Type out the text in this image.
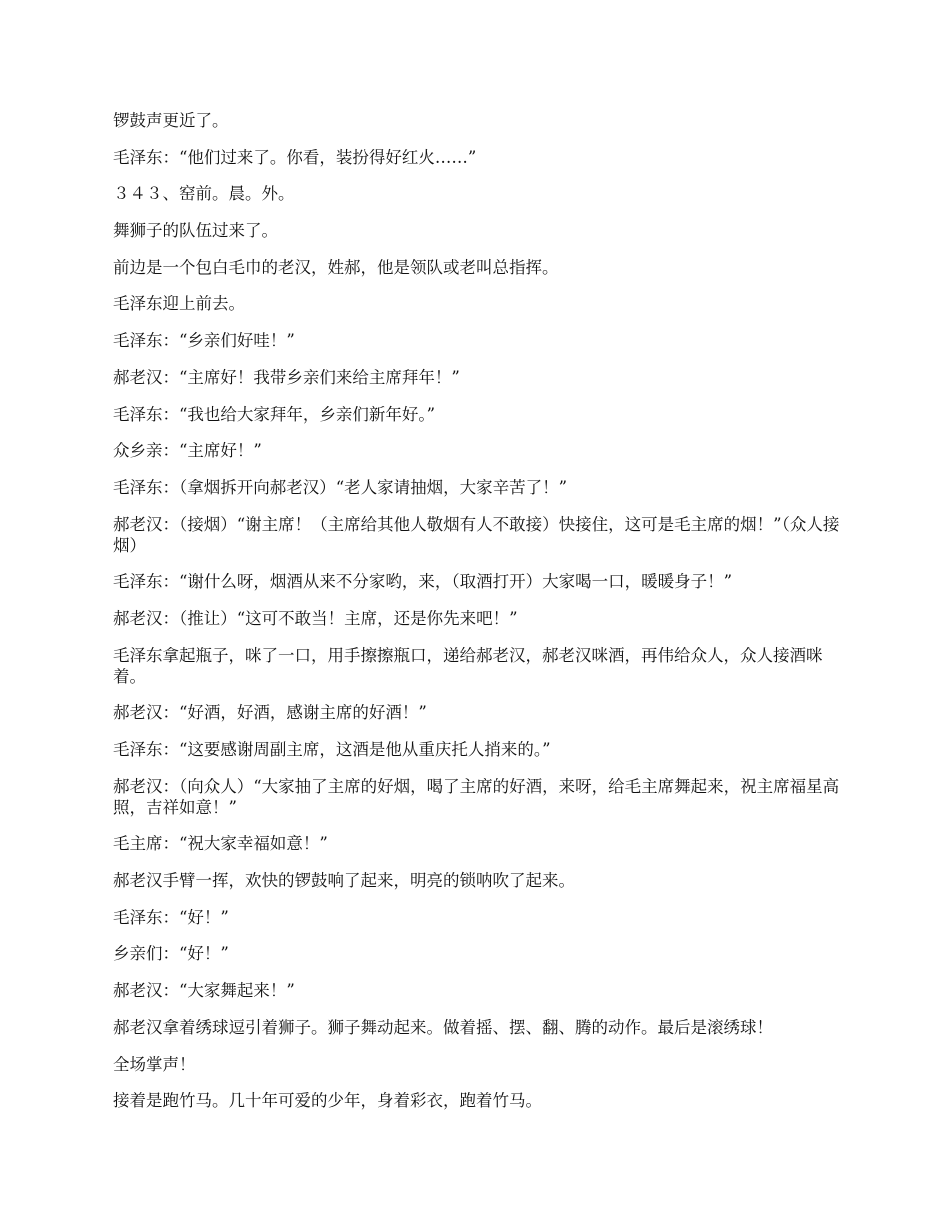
锣鼓声更近了。

毛泽东：“他们过来了。你看，装扮得好红火……”

３４３、窑前。晨。外。

舞狮子的队伍过来了。

前边是一个包白毛巾的老汉，姓郝，他是领队或老叫总指挥。

毛泽东迎上前去。

毛泽东：“乡亲们好哇！”

郝老汉：“主席好！我带乡亲们来给主席拜年！”

毛泽东：“我也给大家拜年，乡亲们新年好。”

众乡亲：“主席好！”

毛泽东：（拿烟拆开向郝老汉）“老人家请抽烟，大家辛苦了！”

郝老汉：（接烟）“谢主席！（主席给其他人敬烟有人不敢接）快接住，这可是毛主席的烟！”（众人接烟）

毛泽东：“谢什么呀，烟酒从来不分家哟，来，（取酒打开）大家喝一口，暖暖身子！”

郝老汉：（推让）“这可不敢当！主席，还是你先来吧！”

毛泽东拿起瓶子，咪了一口，用手擦擦瓶口，递给郝老汉，郝老汉咪酒，再伟给众人，众人接酒咪着。

郝老汉：“好酒，好酒，感谢主席的好酒！”

毛泽东：“这要感谢周副主席，这酒是他从重庆托人捎来的。”

郝老汉：（向众人）“大家抽了主席的好烟，喝了主席的好酒，来呀，给毛主席舞起来，祝主席福星高照，吉祥如意！”

毛主席：“祝大家幸福如意！”

郝老汉手臂一挥，欢快的锣鼓响了起来，明亮的锁呐吹了起来。

毛泽东：“好！”

乡亲们：“好！”

郝老汉：“大家舞起来！”

郝老汉拿着绣球逗引着狮子。狮子舞动起来。做着摇、摆、翻、腾的动作。最后是滚绣球！

全场掌声！

接着是跑竹马。几十年可爱的少年，身着彩衣，跑着竹马。
